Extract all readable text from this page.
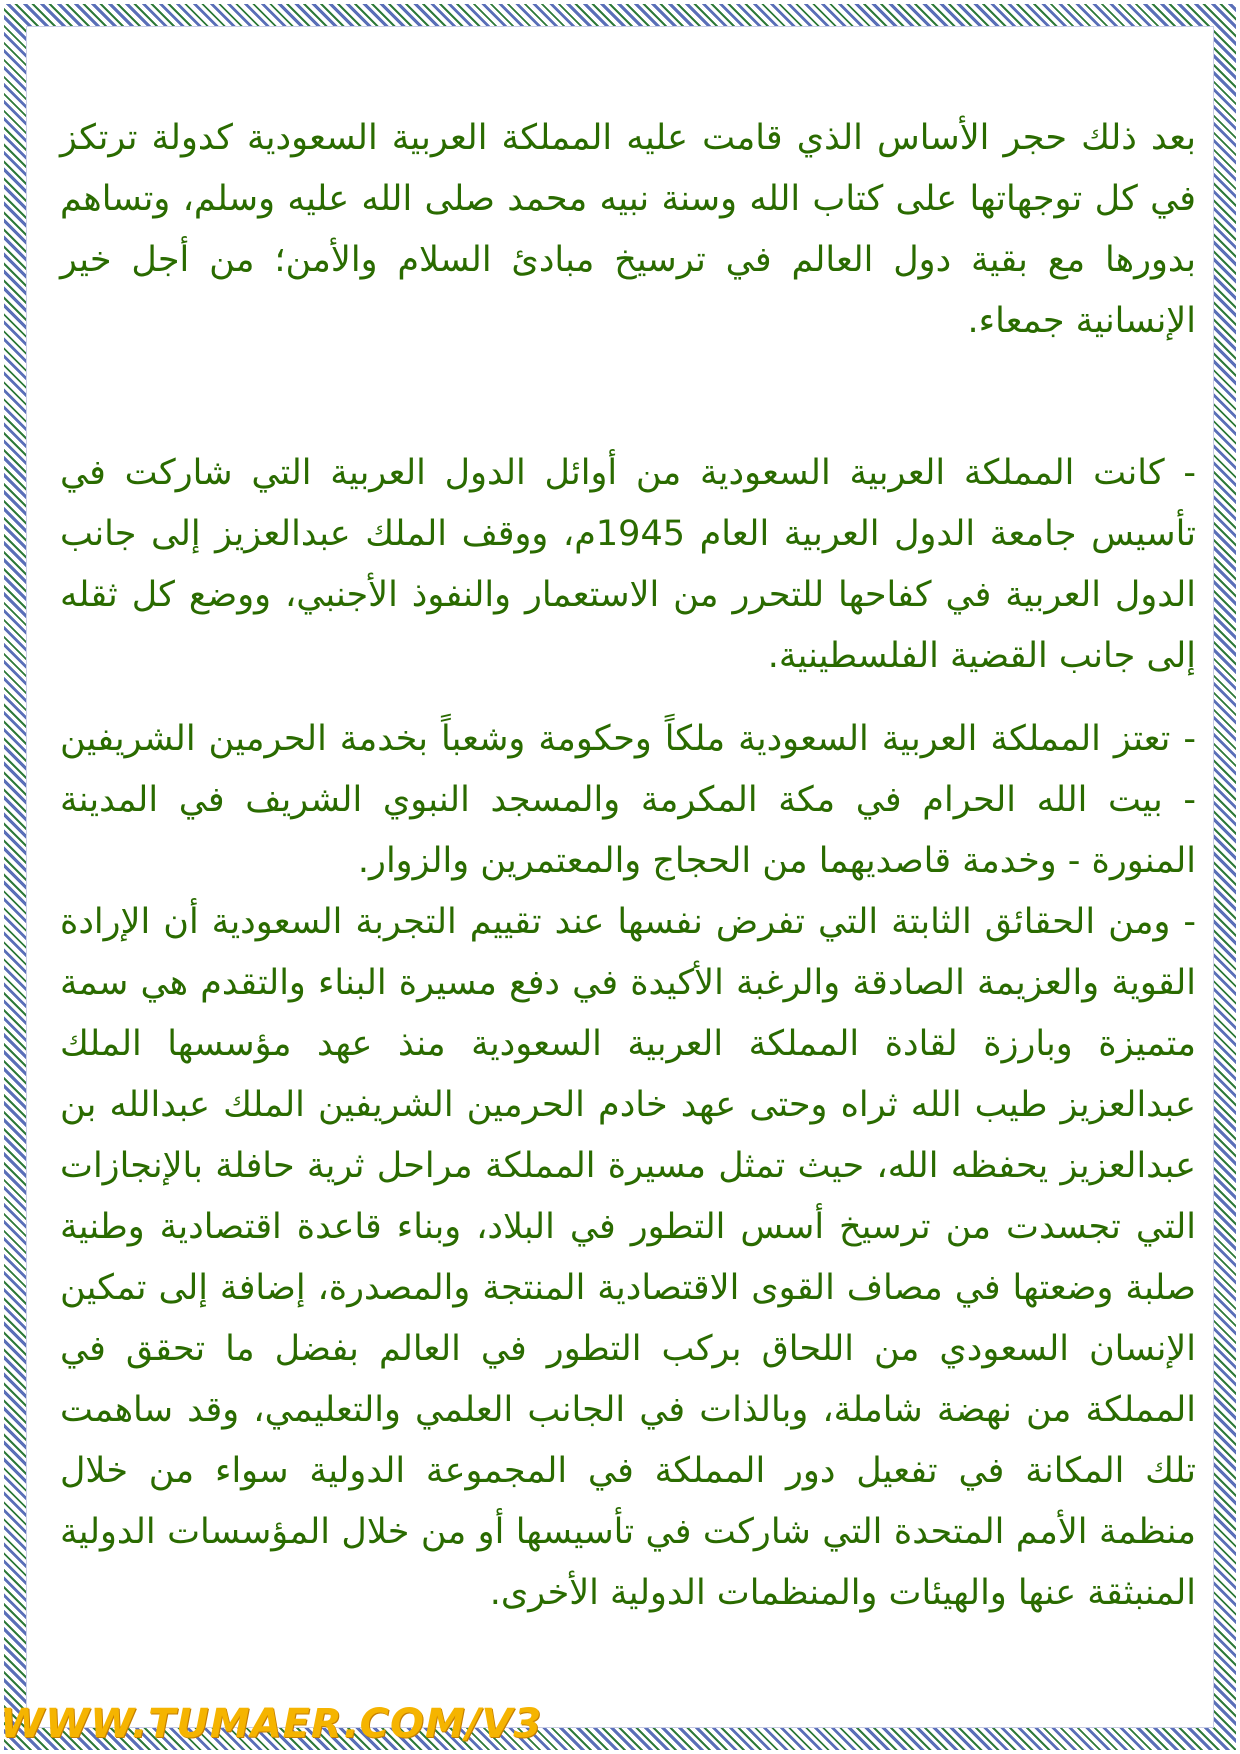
بعد ذلك حجر الأساس الذي قامت عليه المملكة العربية السعودية كدولة ترتكز في كل توجهاتها على كتاب الله وسنة نبيه محمد صلى الله عليه وسلم، وتساهم بدورها مع بقية دول العالم في ترسيخ مبادئ السلام والأمن؛ من أجل خير الإنسانية جمعاء.

- كانت المملكة العربية السعودية من أوائل الدول العربية التي شاركت في تأسيس جامعة الدول العربية العام 1945م، ووقف الملك عبدالعزيز إلى جانب الدول العربية في كفاحها للتحرر من الاستعمار والنفوذ الأجنبي، ووضع كل ثقله إلى جانب القضية الفلسطينية.

- تعتز المملكة العربية السعودية ملكاً وحكومة وشعباً بخدمة الحرمين الشريفين - بيت الله الحرام في مكة المكرمة والمسجد النبوي الشريف في المدينة المنورة - وخدمة قاصديهما من الحجاج والمعتمرين والزوار.

- ومن الحقائق الثابتة التي تفرض نفسها عند تقييم التجربة السعودية أن الإرادة القوية والعزيمة الصادقة والرغبة الأكيدة في دفع مسيرة البناء والتقدم هي سمة متميزة وبارزة لقادة المملكة العربية السعودية منذ عهد مؤسسها الملك عبدالعزيز طيب الله ثراه وحتى عهد خادم الحرمين الشريفين الملك عبدالله بن عبدالعزيز يحفظه الله، حيث تمثل مسيرة المملكة مراحل ثرية حافلة بالإنجازات التي تجسدت من ترسيخ أسس التطور في البلاد، وبناء قاعدة اقتصادية وطنية صلبة وضعتها في مصاف القوى الاقتصادية المنتجة والمصدرة، إضافة إلى تمكين الإنسان السعودي من اللحاق بركب التطور في العالم بفضل ما تحقق في المملكة من نهضة شاملة، وبالذات في الجانب العلمي والتعليمي، وقد ساهمت تلك المكانة في تفعيل دور المملكة في المجموعة الدولية سواء من خلال منظمة الأمم المتحدة التي شاركت في تأسيسها أو من خلال المؤسسات الدولية المنبثقة عنها والهيئات والمنظمات الدولية الأخرى.

WWW.TUMAER.COM/V3
